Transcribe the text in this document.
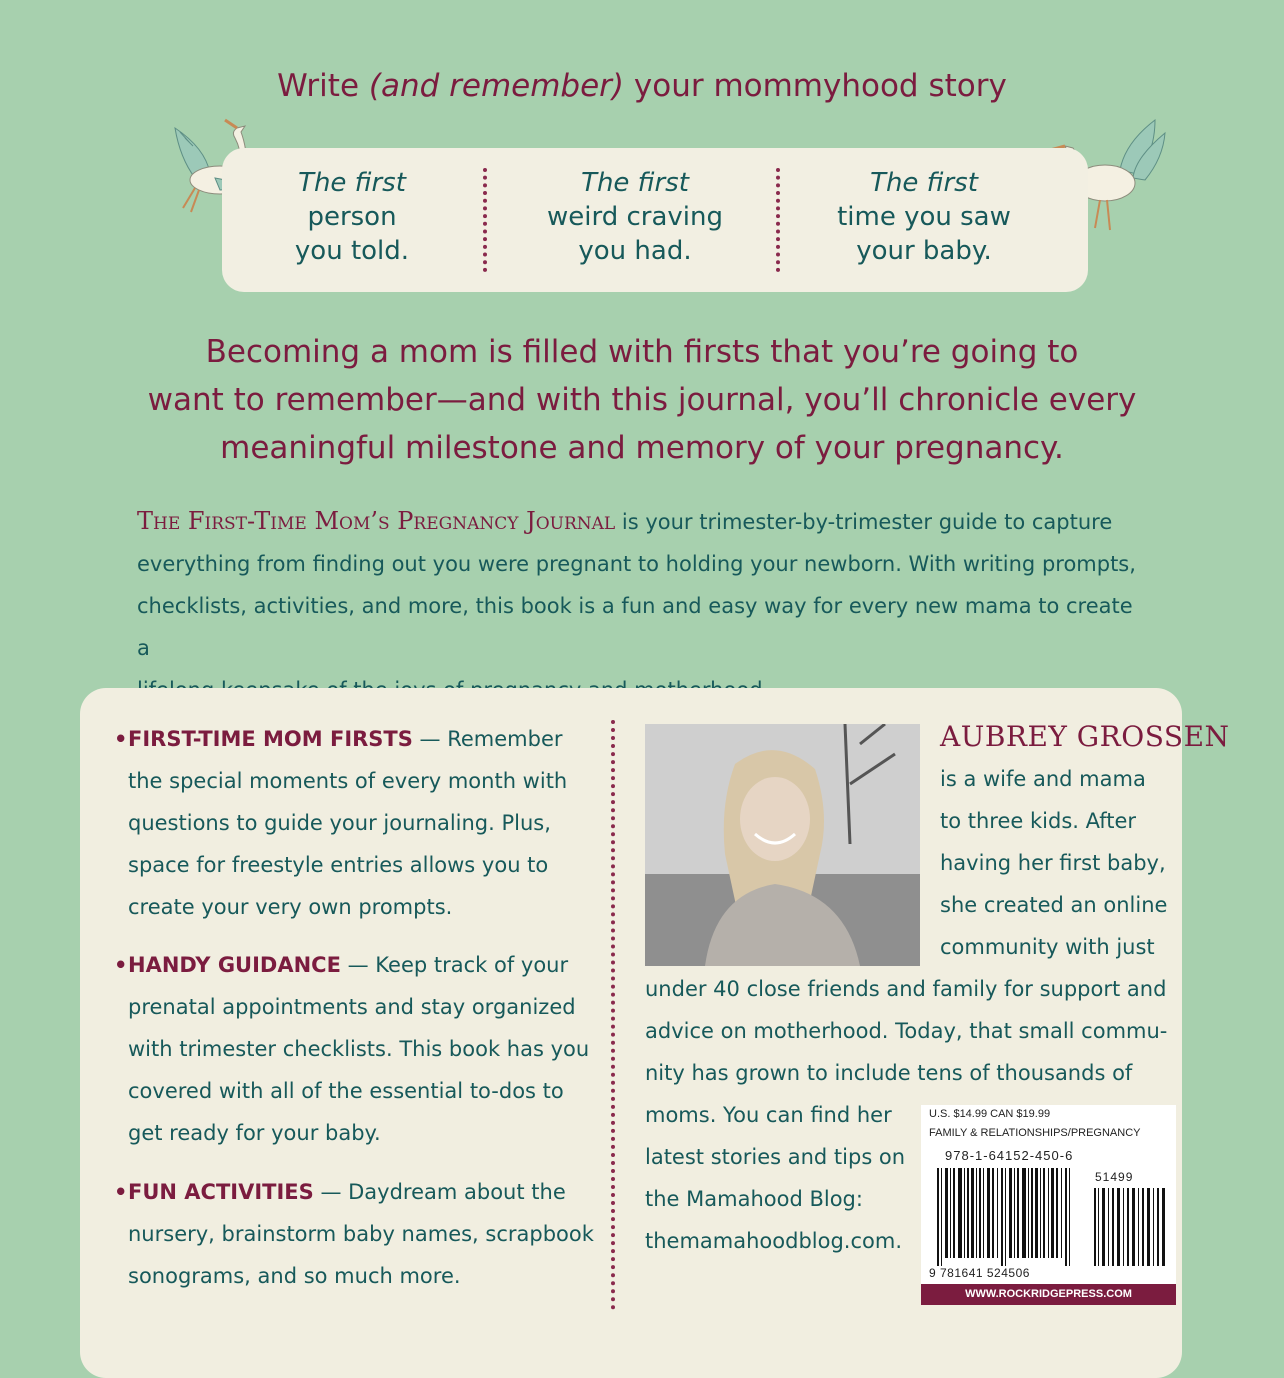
Write (and remember) your mommyhood story
The first
person
you told.
The first
weird craving
you had.
The first
time you saw
your baby.
Becoming a mom is filled with firsts that you’re going to
want to remember—and with this journal, you’ll chronicle every
meaningful milestone and memory of your pregnancy.
The First-Time Mom’s Pregnancy Journal is your trimester-by-trimester guide to capture
everything from finding out you were pregnant to holding your newborn. With writing prompts,
checklists, activities, and more, this book is a fun and easy way for every new mama to create a
• FIRST-TIME MOM FIRSTS — Remember
the special moments of every month with
questions to guide your journaling. Plus,
space for freestyle entries allows you to
create your very own prompts.
• HANDY GUIDANCE — Keep track of your
prenatal appointments and stay organized
with trimester checklists. This book has you
covered with all of the essential to-dos to
get ready for your baby.
• FUN ACTIVITIES — Daydream about the
nursery, brainstorm baby names, scrapbook
sonograms, and so much more.
AUBREY GROSSEN
is a wife and mama
to three kids. After
having her first baby,
she created an online
community with just
under 40 close friends and family for support and
advice on motherhood. Today, that small commu-
nity has grown to include tens of thousands of
moms. You can find her
latest stories and tips on
the Mamahood Blog:
themamahoodblog.com.
U.S. $14.99 CAN $19.99
FAMILY & RELATIONSHIPS/PREGNANCY
978-1-64152-450-6
51499
9 781641 524506
WWW.ROCKRIDGEPRESS.COM
